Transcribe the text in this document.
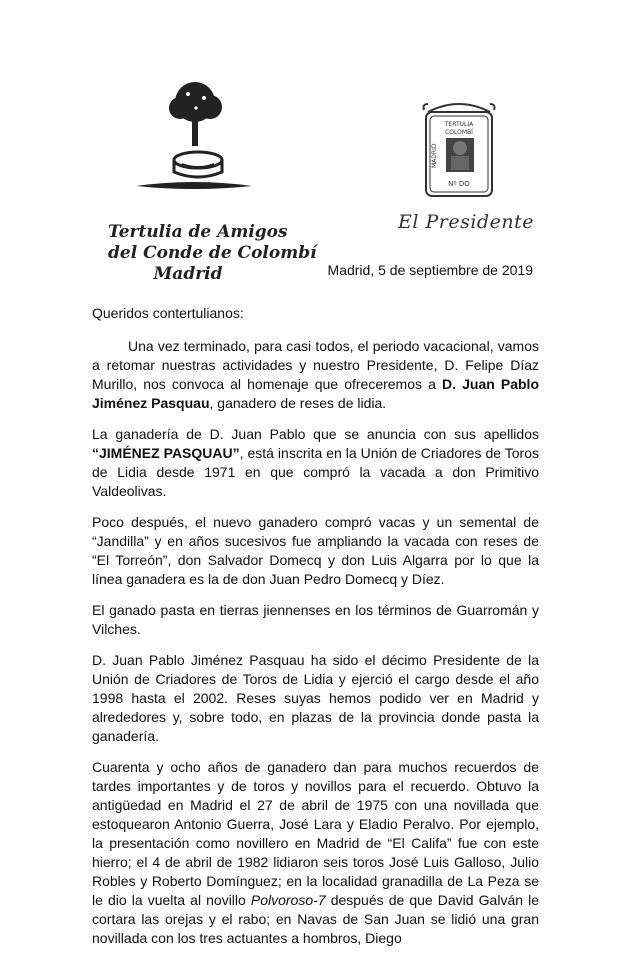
Tertulia de Amigos
del Conde de Colombí
Madrid
TERTULIA
COLOMBÍ
MADRID
Nº DO
El Presidente
Madrid, 5 de septiembre de 2019

Queridos contertulianos:

Una vez terminado, para casi todos, el periodo vacacional, vamos a retomar nuestras actividades y nuestro Presidente, D. Felipe Díaz Murillo, nos convoca al homenaje que ofreceremos a D. Juan Pablo Jiménez Pasquau, ganadero de reses de lidia.

La ganadería de D. Juan Pablo que se anuncia con sus apellidos “JIMÉNEZ PASQUAU”, está inscrita en la Unión de Criadores de Toros de Lidia desde 1971 en que compró la vacada a don Primitivo Valdeolivas.

Poco después, el nuevo ganadero compró vacas y un semental de “Jandilla” y en años sucesivos fue ampliando la vacada con reses de “El Torreón”, don Salvador Domecq y don Luis Algarra por lo que la línea ganadera es la de don Juan Pedro Domecq y Díez.

El ganado pasta en tierras jiennenses en los términos de Guarromán y Vilches.

D. Juan Pablo Jiménez Pasquau ha sido el décimo Presidente de la Unión de Criadores de Toros de Lidia y ejerció el cargo desde el año 1998 hasta el 2002. Reses suyas hemos podido ver en Madrid y alrededores y, sobre todo, en plazas de la provincia donde pasta la ganadería.

Cuarenta y ocho años de ganadero dan para muchos recuerdos de tardes importantes y de toros y novillos para el recuerdo. Obtuvo la antigüedad en Madrid el 27 de abril de 1975 con una novillada que estoquearon Antonio Guerra, José Lara y Eladio Peralvo. Por ejemplo, la presentación como novillero en Madrid de “El Califa” fue con este hierro; el 4 de abril de 1982 lidiaron seis toros José Luis Galloso, Julio Robles y Roberto Domínguez; en la localidad granadilla de La Peza se le dio la vuelta al novillo Polvoroso-7 después de que David Galván le cortara las orejas y el rabo; en Navas de San Juan se lidió una gran novillada con los tres actuantes a hombros, Diego
